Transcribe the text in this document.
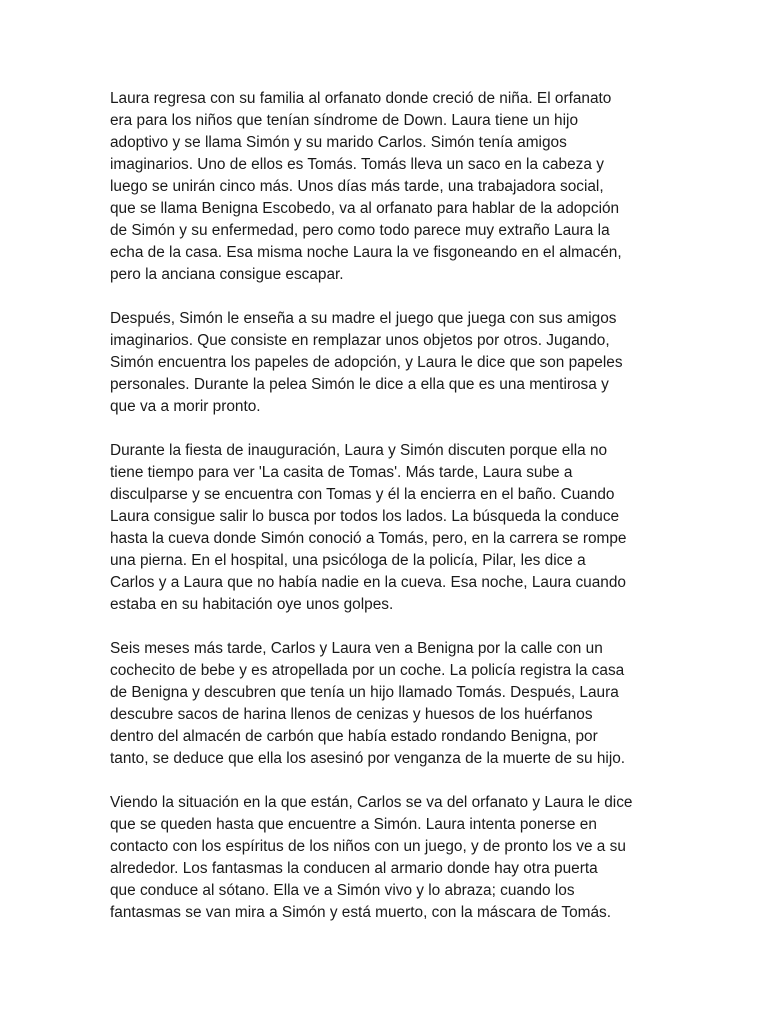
Laura regresa con su familia al orfanato donde creció de niña. El orfanato
era para los niños que tenían síndrome de Down. Laura tiene un hijo
adoptivo y se llama Simón y su marido Carlos. Simón tenía amigos
imaginarios. Uno de ellos es Tomás. Tomás lleva un saco en la cabeza y
luego se unirán cinco más. Unos días más tarde, una trabajadora social,
que se llama Benigna Escobedo, va al orfanato para hablar de la adopción
de Simón y su enfermedad, pero como todo parece muy extraño Laura la
echa de la casa. Esa misma noche Laura la ve fisgoneando en el almacén,
pero la anciana consigue escapar.

Después, Simón le enseña a su madre el juego que juega con sus amigos
imaginarios. Que consiste en remplazar unos objetos por otros. Jugando,
Simón encuentra los papeles de adopción, y Laura le dice que son papeles
personales. Durante la pelea Simón le dice a ella que es una mentirosa y
que va a morir pronto.

Durante la fiesta de inauguración, Laura y Simón discuten porque ella no
tiene tiempo para ver 'La casita de Tomas'. Más tarde, Laura sube a
disculparse y se encuentra con Tomas y él la encierra en el baño. Cuando
Laura consigue salir lo busca por todos los lados. La búsqueda la conduce
hasta la cueva donde Simón conoció a Tomás, pero, en la carrera se rompe
una pierna. En el hospital, una psicóloga de la policía, Pilar, les dice a
Carlos y a Laura que no había nadie en la cueva. Esa noche, Laura cuando
estaba en su habitación oye unos golpes.

Seis meses más tarde, Carlos y Laura ven a Benigna por la calle con un
cochecito de bebe y es atropellada por un coche. La policía registra la casa
de Benigna y descubren que tenía un hijo llamado Tomás. Después, Laura
descubre sacos de harina llenos de cenizas y huesos de los huérfanos
dentro del almacén de carbón que había estado rondando Benigna, por
tanto, se deduce que ella los asesinó por venganza de la muerte de su hijo.

Viendo la situación en la que están, Carlos se va del orfanato y Laura le dice
que se queden hasta que encuentre a Simón. Laura intenta ponerse en
contacto con los espíritus de los niños con un juego, y de pronto los ve a su
alrededor. Los fantasmas la conducen al armario donde hay otra puerta
que conduce al sótano. Ella ve a Simón vivo y lo abraza; cuando los
fantasmas se van mira a Simón y está muerto, con la máscara de Tomás.
